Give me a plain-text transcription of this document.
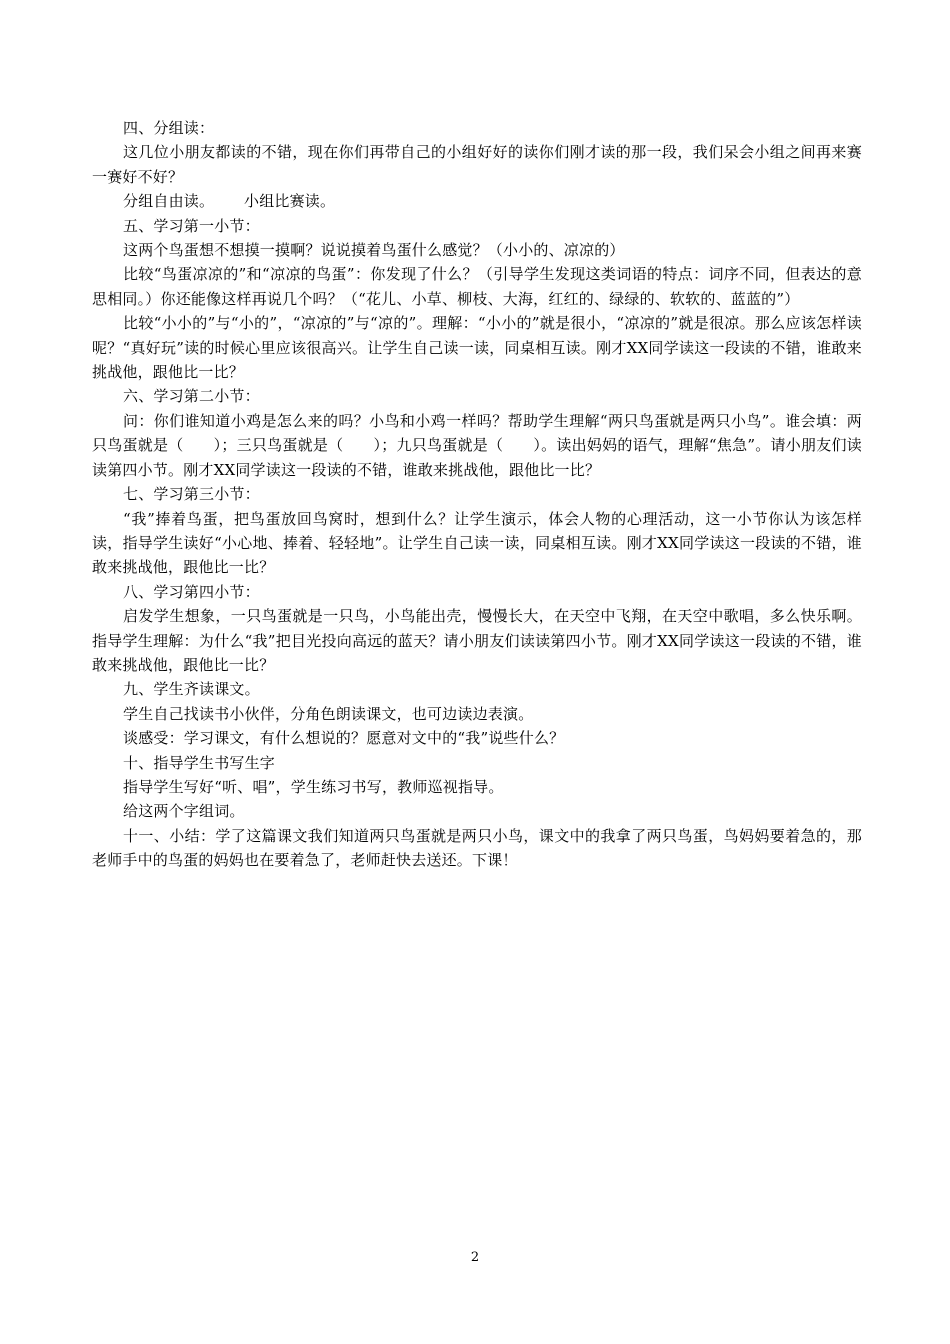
四、分组读：

这几位小朋友都读的不错，现在你们再带自己的小组好好的读你们刚才读的那一段，我们呆会小组之间再来赛一赛好不好？

分组自由读。      小组比赛读。

五、学习第一小节：

这两个鸟蛋想不想摸一摸啊？说说摸着鸟蛋什么感觉？（小小的、凉凉的）

比较“鸟蛋凉凉的”和“凉凉的鸟蛋”：你发现了什么？（引导学生发现这类词语的特点：词序不同，但表达的意思相同。）你还能像这样再说几个吗？（“花儿、小草、柳枝、大海，红红的、绿绿的、软软的、蓝蓝的”）

比较“小小的”与“小的”，“凉凉的”与“凉的”。理解：“小小的”就是很小，“凉凉的”就是很凉。那么应该怎样读呢？“真好玩”读的时候心里应该很高兴。让学生自己读一读，同桌相互读。刚才XX同学读这一段读的不错，谁敢来挑战他，跟他比一比？

六、学习第二小节：

问：你们谁知道小鸡是怎么来的吗？小鸟和小鸡一样吗？帮助学生理解“两只鸟蛋就是两只小鸟”。谁会填：两只鸟蛋就是（      ）；三只鸟蛋就是（      ）；九只鸟蛋就是（      ）。读出妈妈的语气，理解“焦急”。请小朋友们读读第四小节。刚才XX同学读这一段读的不错，谁敢来挑战他，跟他比一比？

七、学习第三小节：

“我”捧着鸟蛋，把鸟蛋放回鸟窝时，想到什么？让学生演示，体会人物的心理活动，这一小节你认为该怎样读，指导学生读好“小心地、捧着、轻轻地”。让学生自己读一读，同桌相互读。刚才XX同学读这一段读的不错，谁敢来挑战他，跟他比一比？

八、学习第四小节：

启发学生想象，一只鸟蛋就是一只鸟，小鸟能出壳，慢慢长大，在天空中飞翔，在天空中歌唱，多么快乐啊。指导学生理解：为什么“我”把目光投向高远的蓝天？请小朋友们读读第四小节。刚才XX同学读这一段读的不错，谁敢来挑战他，跟他比一比？

九、学生齐读课文。

学生自己找读书小伙伴，分角色朗读课文，也可边读边表演。

谈感受：学习课文，有什么想说的？愿意对文中的“我”说些什么？

十、指导学生书写生字

指导学生写好“听、唱”，学生练习书写，教师巡视指导。

给这两个字组词。

十一、小结：学了这篇课文我们知道两只鸟蛋就是两只小鸟，课文中的我拿了两只鸟蛋，鸟妈妈要着急的，那老师手中的鸟蛋的妈妈也在要着急了，老师赶快去送还。下课！

2
